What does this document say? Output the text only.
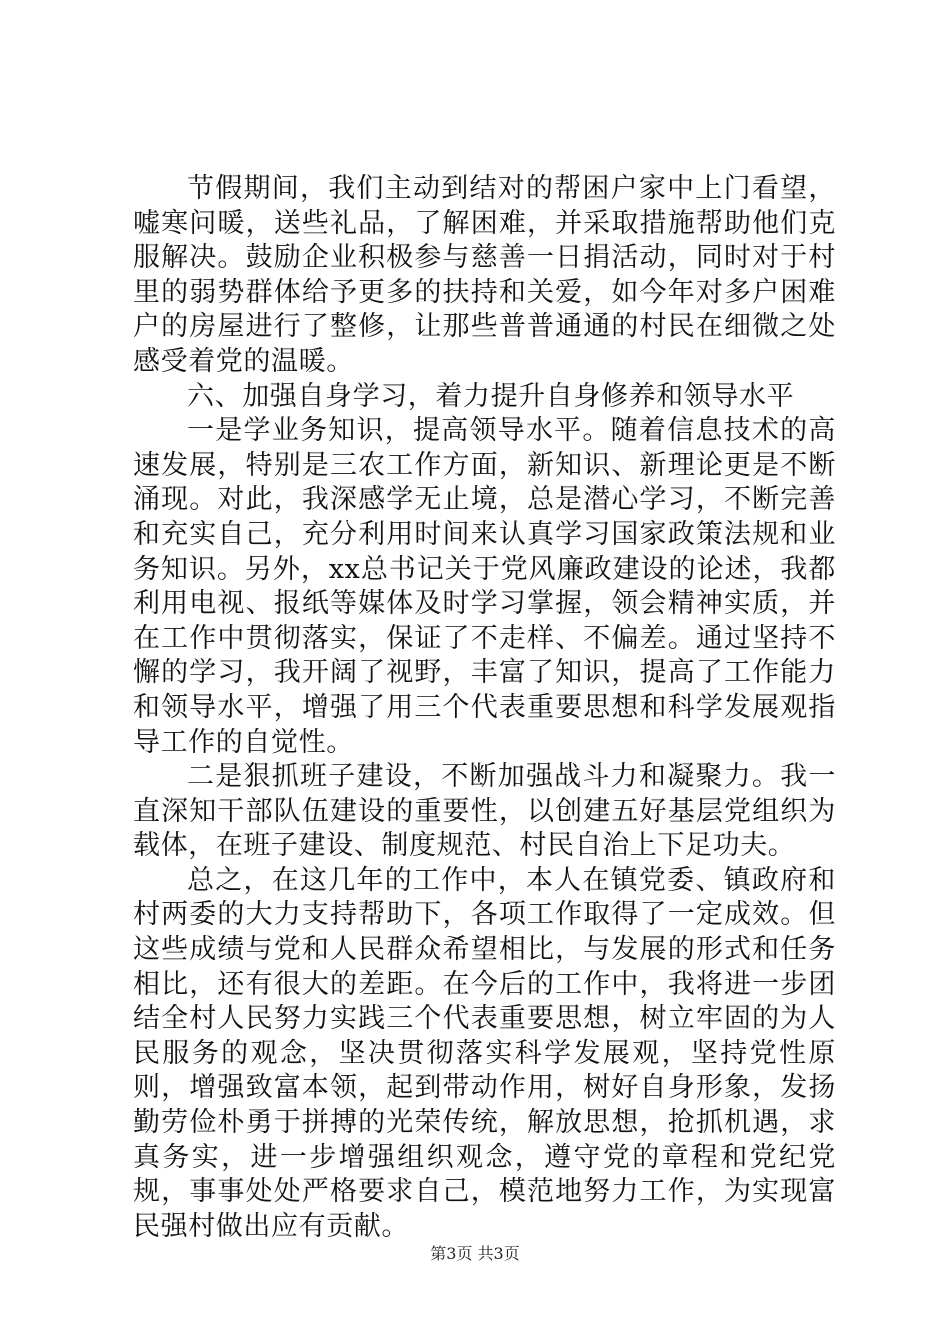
节假期间，我们主动到结对的帮困户家中上门看望，嘘寒问暖，送些礼品，了解困难，并采取措施帮助他们克服解决。鼓励企业积极参与慈善一日捐活动，同时对于村里的弱势群体给予更多的扶持和关爱，如今年对多户困难户的房屋进行了整修，让那些普普通通的村民在细微之处感受着党的温暖。

六、加强自身学习，着力提升自身修养和领导水平

一是学业务知识，提高领导水平。随着信息技术的高速发展，特别是三农工作方面，新知识、新理论更是不断涌现。对此，我深感学无止境，总是潜心学习，不断完善和充实自己，充分利用时间来认真学习国家政策法规和业务知识。另外，xx总书记关于党风廉政建设的论述，我都利用电视、报纸等媒体及时学习掌握，领会精神实质，并在工作中贯彻落实，保证了不走样、不偏差。通过坚持不懈的学习，我开阔了视野，丰富了知识，提高了工作能力和领导水平，增强了用三个代表重要思想和科学发展观指导工作的自觉性。

二是狠抓班子建设，不断加强战斗力和凝聚力。我一直深知干部队伍建设的重要性，以创建五好基层党组织为载体，在班子建设、制度规范、村民自治上下足功夫。

总之，在这几年的工作中，本人在镇党委、镇政府和村两委的大力支持帮助下，各项工作取得了一定成效。但这些成绩与党和人民群众希望相比，与发展的形式和任务相比，还有很大的差距。在今后的工作中，我将进一步团结全村人民努力实践三个代表重要思想，树立牢固的为人民服务的观念，坚决贯彻落实科学发展观，坚持党性原则，增强致富本领，起到带动作用，树好自身形象，发扬勤劳俭朴勇于拼搏的光荣传统，解放思想，抢抓机遇，求真务实，进一步增强组织观念，遵守党的章程和党纪党规，事事处处严格要求自己，模范地努力工作，为实现富民强村做出应有贡献。

第3页 共3页
